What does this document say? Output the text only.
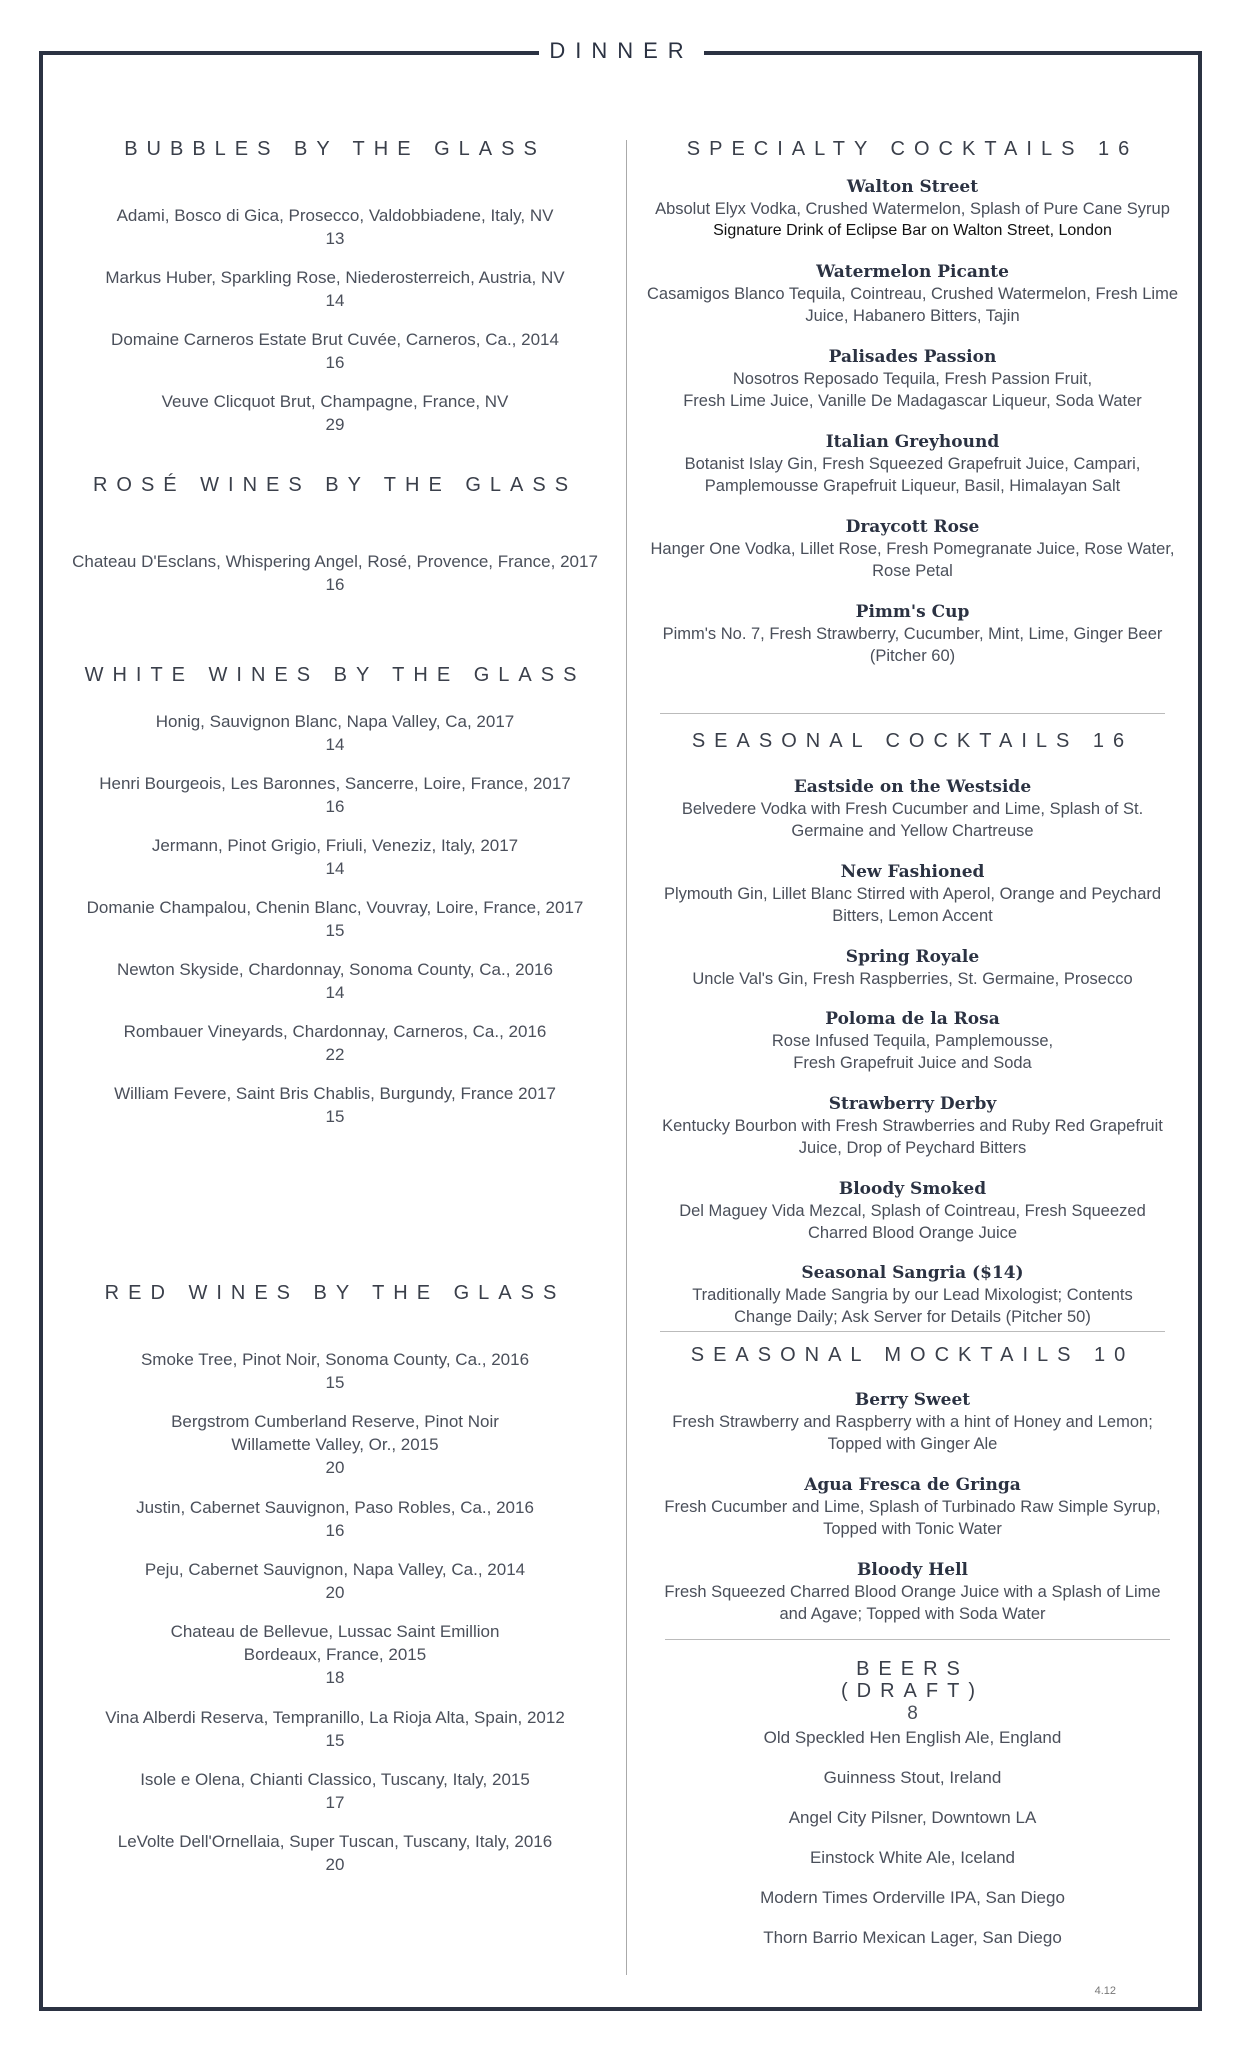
DINNER
BUBBLES BY THE GLASS
Adami, Bosco di Gica, Prosecco, Valdobbiadene, Italy, NV
13
Markus Huber, Sparkling Rose, Niederosterreich, Austria, NV
14
Domaine Carneros Estate Brut Cuvée, Carneros, Ca., 2014
16
Veuve Clicquot Brut, Champagne, France, NV
29
ROSÉ WINES BY THE GLASS
Chateau D'Esclans, Whispering Angel, Rosé, Provence, France, 2017
16
WHITE WINES BY THE GLASS
Honig, Sauvignon Blanc, Napa Valley, Ca, 2017
14
Henri Bourgeois, Les Baronnes, Sancerre, Loire, France, 2017
16
Jermann, Pinot Grigio, Friuli, Veneziz, Italy, 2017
14
Domanie Champalou, Chenin Blanc, Vouvray, Loire, France, 2017
15
Newton Skyside, Chardonnay, Sonoma County, Ca., 2016
14
Rombauer Vineyards, Chardonnay, Carneros, Ca., 2016
22
William Fevere, Saint Bris Chablis, Burgundy, France 2017
15
RED WINES BY THE GLASS
Smoke Tree, Pinot Noir, Sonoma County, Ca., 2016
15
Bergstrom Cumberland Reserve, Pinot Noir
Willamette Valley, Or., 2015
20
Justin, Cabernet Sauvignon, Paso Robles, Ca., 2016
16
Peju, Cabernet Sauvignon, Napa Valley, Ca., 2014
20
Chateau de Bellevue, Lussac Saint Emillion
Bordeaux, France, 2015
18
Vina Alberdi Reserva, Tempranillo, La Rioja Alta, Spain, 2012
15
Isole e Olena, Chianti Classico, Tuscany, Italy, 2015
17
LeVolte Dell'Ornellaia, Super Tuscan, Tuscany, Italy, 2016
20
SPECIALTY COCKTAILS 16
Walton Street
Absolut Elyx Vodka, Crushed Watermelon, Splash of Pure Cane Syrup
Signature Drink of Eclipse Bar on Walton Street, London
Watermelon Picante
Casamigos Blanco Tequila, Cointreau, Crushed Watermelon, Fresh Lime
Juice, Habanero Bitters, Tajin
Palisades Passion
Nosotros Reposado Tequila, Fresh Passion Fruit,
Fresh Lime Juice, Vanille De Madagascar Liqueur, Soda Water
Italian Greyhound
Botanist Islay Gin, Fresh Squeezed Grapefruit Juice, Campari,
Pamplemousse Grapefruit Liqueur, Basil, Himalayan Salt
Draycott Rose
Hanger One Vodka, Lillet Rose, Fresh Pomegranate Juice, Rose Water,
Rose Petal
Pimm's Cup
Pimm's No. 7, Fresh Strawberry, Cucumber, Mint, Lime, Ginger Beer
(Pitcher 60)
SEASONAL COCKTAILS 16
Eastside on the Westside
Belvedere Vodka with Fresh Cucumber and Lime, Splash of St.
Germaine and Yellow Chartreuse
New Fashioned
Plymouth Gin, Lillet Blanc Stirred with Aperol, Orange and Peychard
Bitters, Lemon Accent
Spring Royale
Uncle Val's Gin, Fresh Raspberries, St. Germaine, Prosecco
Poloma de la Rosa
Rose Infused Tequila, Pamplemousse,
Fresh Grapefruit Juice and Soda
Strawberry Derby
Kentucky Bourbon with Fresh Strawberries and Ruby Red Grapefruit
Juice, Drop of Peychard Bitters
Bloody Smoked
Del Maguey Vida Mezcal, Splash of Cointreau, Fresh Squeezed
Charred Blood Orange Juice
Seasonal Sangria ($14)
Traditionally Made Sangria by our Lead Mixologist; Contents
Change Daily; Ask Server for Details (Pitcher 50)
SEASONAL MOCKTAILS 10
Berry Sweet
Fresh Strawberry and Raspberry with a hint of Honey and Lemon;
Topped with Ginger Ale
Agua Fresca de Gringa
Fresh Cucumber and Lime, Splash of Turbinado Raw Simple Syrup,
Topped with Tonic Water
Bloody Hell
Fresh Squeezed Charred Blood Orange Juice with a Splash of Lime
and Agave; Topped with Soda Water
BEERS
(DRAFT)
8
Old Speckled Hen English Ale, England
Guinness Stout, Ireland
Angel City Pilsner, Downtown LA
Einstock White Ale, Iceland
Modern Times Orderville IPA, San Diego
Thorn Barrio Mexican Lager, San Diego
4.12
